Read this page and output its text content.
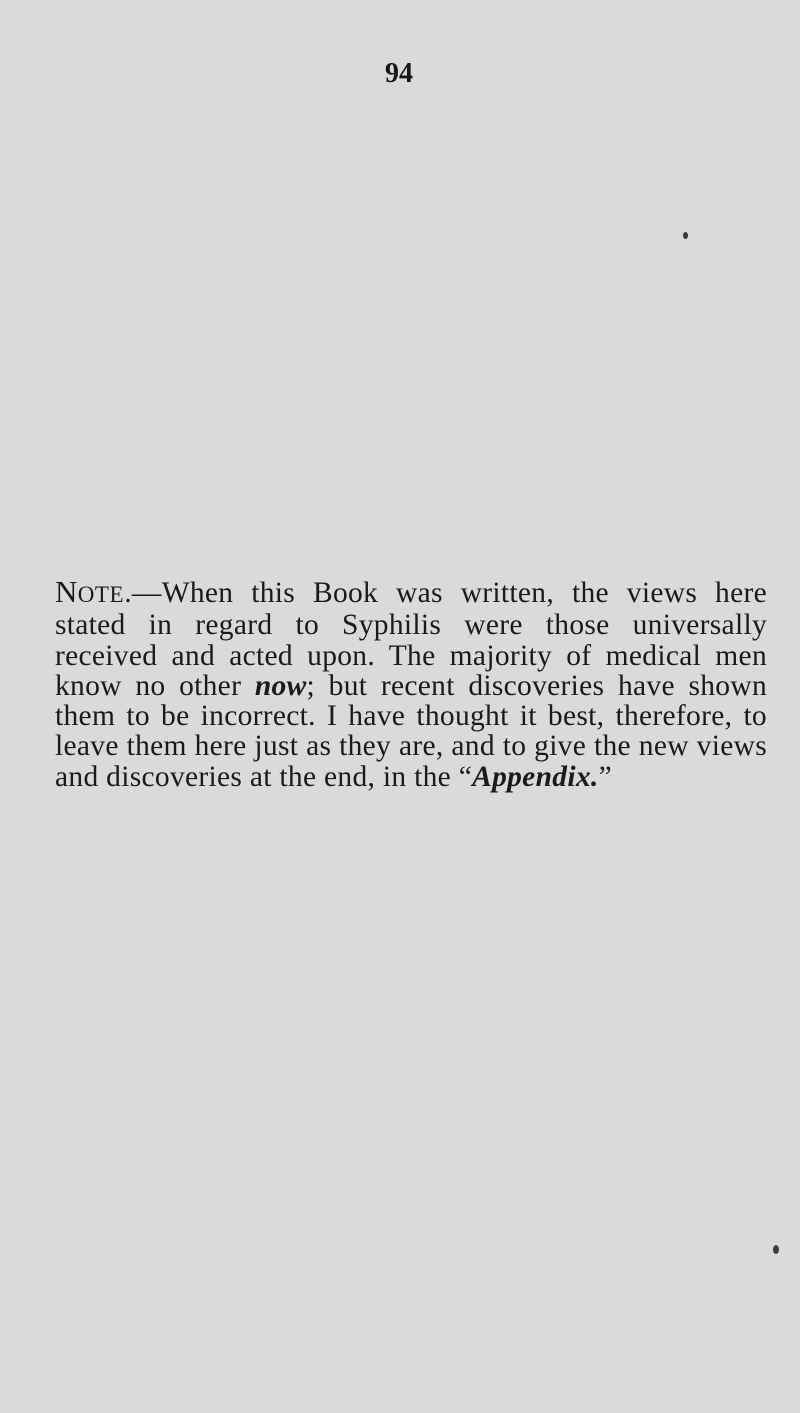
94

NOTE.—When this Book was written, the views here stated in regard to Syphilis were those universally received and acted upon. The majority of medical men know no other now; but recent discoveries have shown them to be incorrect. I have thought it best, therefore, to leave them here just as they are, and to give the new views and discoveries at the end, in the “Appendix.”
